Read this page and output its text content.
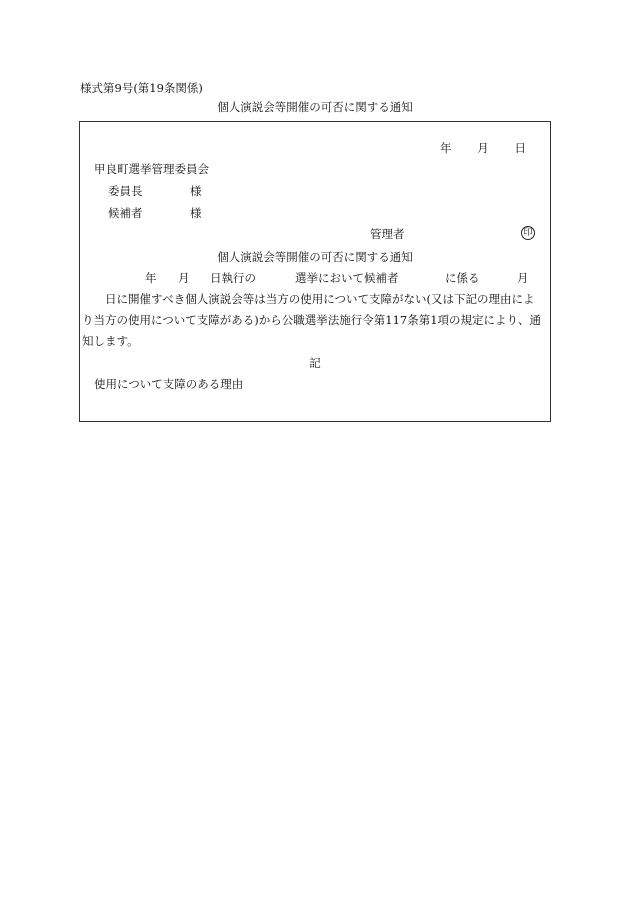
様式第9号(第19条関係)
個人演説会等開催の可否に関する通知
年 月 日
甲良町選挙管理委員会
委員長	様
候補者	様
管理者	印
個人演説会等開催の可否に関する通知
年 月 日執行の	選挙において候補者	に係る	月

日に開催すべき個人演説会等は当方の使用について支障がない(又は下記の理由によ

り当方の使用について支障がある)から公職選挙法施行令第117条第1項の規定により、通

知します。

記
使用について支障のある理由
